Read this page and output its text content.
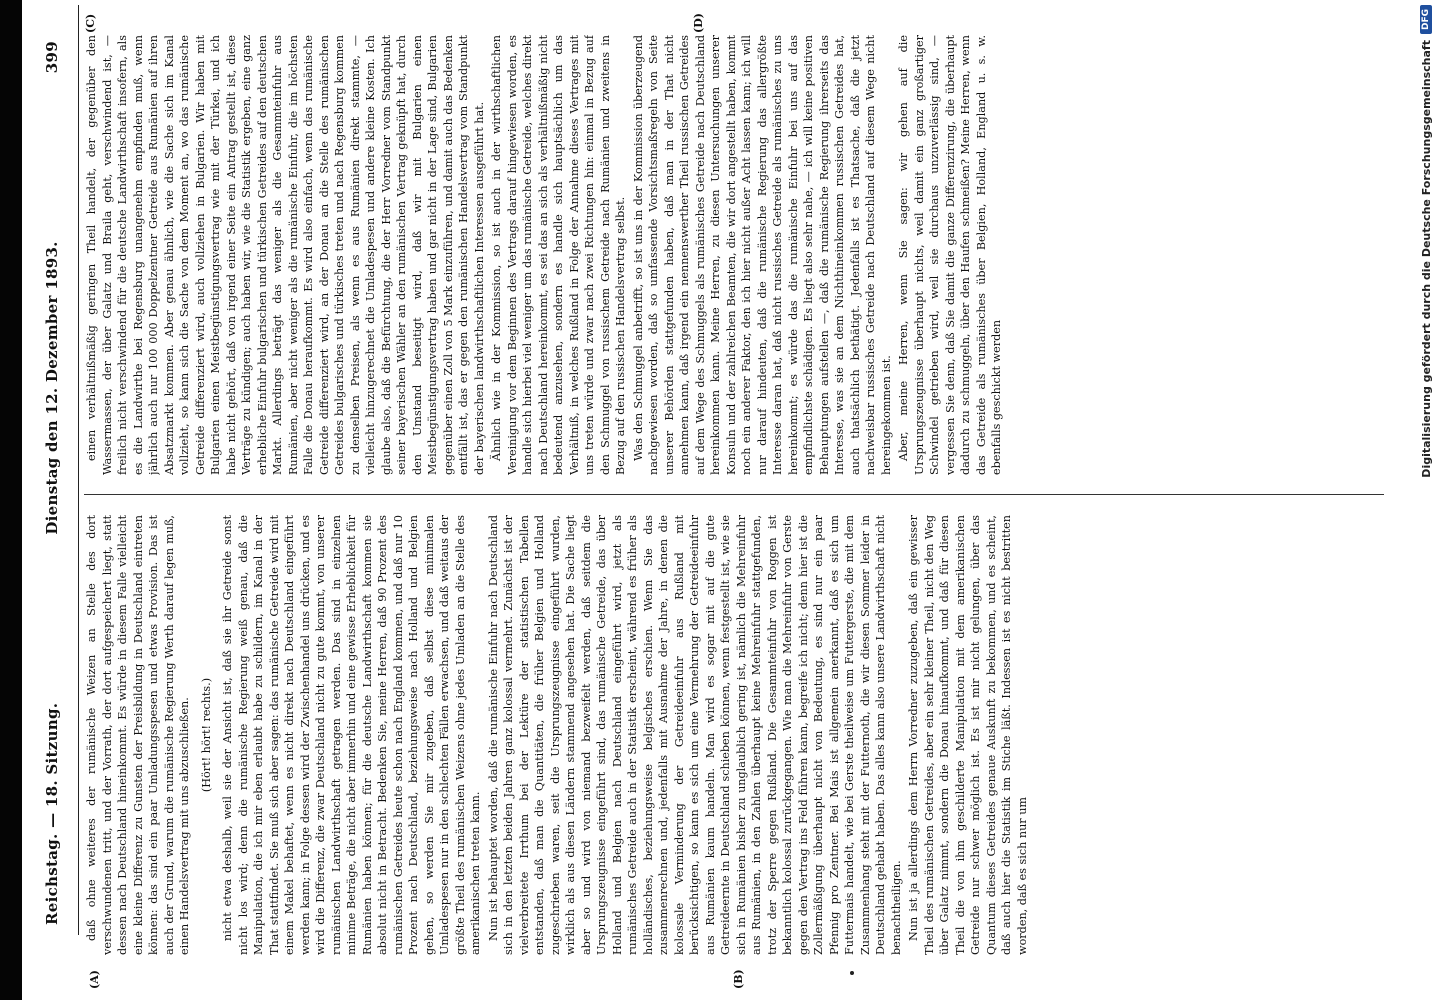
Reichstag. — 18. Sitzung.
Dienstag den 12. Dezember 1893.
399
(A)	(B)
(C)	(D)

daß ohne weiteres der rumänische Weizen an Stelle des dort verschwundenen tritt, und der Vorrath, der dort aufgespeichert liegt, statt dessen nach Deutschland hineinkommt. Es würde in diesem Falle vielleicht eine kleine Differenz zu Gunsten der Preisbildung in Deutschland eintreten können: das sind ein paar Umladungsspesen und etwas Provision. Das ist auch der Grund, warum die rumänische Regierung Werth darauf legen muß, einen Handelsvertrag mit uns abzuschließen. (Hört! hört! rechts.) nicht etwa deshalb, weil sie der Ansicht ist, daß sie ihr Getreide sonst nicht los wird; denn die rumänische Regierung weiß genau, daß die Manipulation, die ich mir eben erlaubt habe zu schildern, im Kanal in der That stattfindet. Sie muß sich aber sagen: das rumänische Getreide wird mit einem Makel behaftet, wenn es nicht direkt nach Deutschland eingeführt werden kann; in Folge dessen wird der Zwischenhandel uns drücken, und es wird die Differenz, die zwar Deutschland nicht zu gute kommt, von unserer rumänischen Landwirthschaft getragen werden. Das sind in einzelnen minime Beträge, die nicht aber immerhin und eine gewisse Erheblichkeit für Rumänien haben können; für die deutsche Landwirthschaft kommen sie absolut nicht in Betracht. Bedenken Sie, meine Herren, daß 90 Prozent des rumänischen Getreides heute schon nach England kommen, und daß nur 10 Prozent nach Deutschland, beziehungsweise nach Holland und Belgien gehen, so werden Sie mir zugeben, daß selbst diese minimalen Umladespesen nur in den schlechten Fällen erwachsen, und daß weitaus der größte Theil des rumänischen Weizens ohne jedes Umladen an die Stelle des amerikanischen treten kann. Nun ist behauptet worden, daß die rumänische Einfuhr nach Deutschland sich in den letzten beiden Jahren ganz kolossal vermehrt. Zunächst ist der vielverbreitete Irrthum bei der Lektüre der statistischen Tabellen entstanden, daß man die Quantitäten, die früher Belgien und Holland zugeschrieben waren, seit die Ursprungszeugnisse eingeführt wurden, wirklich als aus diesen Ländern stammend angesehen hat. Die Sache liegt aber so und wird von niemand bezweifelt werden, daß seitdem die Ursprungszeugnisse eingeführt sind, das rumänische Getreide, das über Holland und Belgien nach Deutschland eingeführt wird, jetzt als rumänisches Getreide auch in der Statistik erscheint, während es früher als holländisches, beziehungsweise belgisches erschien. Wenn Sie das zusammenrechnen und, jedenfalls mit Ausnahme der Jahre, in denen die kolossale Verminderung der Getreideeinfuhr aus Rußland mit berücksichtigen, so kann es sich um eine Vermehrung der Getreideeinfuhr aus Rumänien kaum handeln. Man wird es sogar mit auf die gute Getreideernte in Deutschland schieben können, wenn festgestellt ist, wie sie sich in Rumänien bisher zu unglaublich gering ist, nämlich die Mehreinfuhr aus Rumänien, in den Zahlen überhaupt keine Mehreinfuhr stattgefunden, trotz der Sperre gegen Rußland. Die Gesammteinfuhr von Roggen ist bekanntlich kolossal zurückgegangen. Wie man die Mehreinfuhr von Gerste gegen den Vertrag ins Feld führen kann, begreife ich nicht; denn hier ist die Zollermäßigung überhaupt nicht von Bedeutung, es sind nur ein paar Pfennig pro Zentner. Bei Mais ist allgemein anerkannt, daß es sich um Futtermais handelt, wie bei Gerste theilweise um Futtergerste, die mit dem Zusammenhang steht mit der Futternoth, die wir diesen Sommer leider in Deutschland gehabt haben. Das alles kann also unsere Landwirthschaft nicht benachtheiligen. Nun ist ja allerdings dem Herrn Vorredner zuzugeben, daß ein gewisser Theil des rumänischen Getreides, aber ein sehr kleiner Theil, nicht den Weg über Galatz nimmt, sondern die Donau hinaufkommt, und daß für diesen Theil die von ihm geschilderte Manipulation mit dem amerikanischen Getreide nur schwer möglich ist. Es ist mir nicht gelungen, über das Quantum dieses Getreides genaue Auskunft zu bekommen, und es scheint, daß auch hier die Statistik im Stiche läßt. Indessen ist es nicht bestritten worden, daß es sich nur um

einen verhältnißmäßig geringen Theil handelt, der gegenüber den Wassermassen, der über Galatz und Braila geht, verschwindend ist, — freilich nicht verschwindend für die deutsche Landwirthschaft insofern, als es die Landwirthe bei Regensburg unangenehm empfinden muß, wenn jährlich auch nur 100 000 Doppelzentner Getreide aus Rumänien auf ihren Absatzmarkt kommen. Aber genau ähnlich, wie die Sache sich im Kanal vollzieht, so kann sich die Sache von dem Moment an, wo das rumänische Getreide differenziert wird, auch vollziehen in Bulgarien. Wir haben mit Bulgarien einen Meistbegünstigungsvertrag wie mit der Türkei, und ich habe nicht gehört, daß von irgend einer Seite ein Antrag gestellt ist, diese Verträge zu kündigen; auch haben wir, wie die Statistik ergeben, eine ganz erhebliche Einfuhr bulgarischen und türkischen Getreides auf den deutschen Markt. Allerdings beträgt das weniger als die Gesammteinfuhr aus Rumänien, aber nicht weniger als die rumänische Einfuhr, die im höchsten Falle die Donau heraufkommt. Es wird also einfach, wenn das rumänische Getreide differenziert wird, an der Donau an die Stelle des rumänischen Getreides bulgarisches und türkisches treten und nach Regensburg kommen zu denselben Preisen, als wenn es aus Rumänien direkt stammte, — vielleicht hinzugerechnet die Umladespesen und andere kleine Kosten. Ich glaube also, daß die Befürchtung, die der Herr Vorredner vom Standpunkt seiner bayerischen Wähler an den rumänischen Vertrag geknüpft hat, durch den Umstand beseitigt wird, daß wir mit Bulgarien einen Meistbegünstigungsvertrag haben und gar nicht in der Lage sind, Bulgarien gegenüber einen Zoll von 5 Mark einzuführen, und damit auch das Bedenken entfällt ist, das er gegen den rumänischen Handelsvertrag vom Standpunkt der bayerischen landwirthschaftlichen Interessen ausgeführt hat. Ähnlich wie in der Kommission, so ist auch in der wirthschaftlichen Vereinigung vor dem Beginnen des Vertrags darauf hingewiesen worden, es handle sich hierbei viel weniger um das rumänische Getreide, welches direkt nach Deutschland hereinkommt, es sei das an sich als verhältnißmäßig nicht bedeutend anzusehen, sondern es handle sich hauptsächlich um das Verhältniß, in welches Rußland in Folge der Annahme dieses Vertrages mit uns treten würde und zwar nach zwei Richtungen hin: einmal in Bezug auf den Schmuggel von russischem Getreide nach Rumänien und zweitens in Bezug auf den russischen Handelsvertrag selbst. Was den Schmuggel anbetrifft, so ist uns in der Kommission überzeugend nachgewiesen worden, daß so umfassende Vorsichtsmaßregeln von Seite unserer Behörden stattgefunden haben, daß man in der That nicht annehmen kann, daß irgend ein nennenswerther Theil russischen Getreides auf dem Wege des Schmuggels als rumänisches Getreide nach Deutschland hereinkommen kann. Meine Herren, zu diesen Untersuchungen unserer Konsuln und der zahlreichen Beamten, die wir dort angestellt haben, kommt noch ein anderer Faktor, den ich hier nicht außer Acht lassen kann; ich will nur darauf hindeuten, daß die rumänische Regierung das allergrößte Interesse daran hat, daß nicht russisches Getreide als rumänisches zu uns hereinkommt; es würde das die rumänische Einfuhr bei uns auf das empfindlichste schädigen. Es liegt also sehr nahe, — ich will keine positiven Behauptungen aufstellen —, daß die rumänische Regierung ihrerseits das Interesse, was sie an dem Nichthineinkommen russischen Getreides hat, auch thatsächlich bethätigt. Jedenfalls ist es Thatsache, daß die jetzt nachweisbar russisches Getreide nach Deutschland auf diesem Wege nicht hereingekommen ist. Aber, meine Herren, wenn Sie sagen: wir gehen auf die Ursprungszeugnisse überhaupt nichts, weil damit ein ganz großartiger Schwindel getrieben wird, weil sie durchaus unzuverlässig sind, — vergessen Sie denn, daß Sie damit die ganze Differenzirung, die überhaupt dadurch zu schmuggeln, über den Haufen schmeißen? Meine Herren, wenn das Getreide als rumänisches über Belgien, Holland, England u. s. w. ebenfalls geschickt werden	Digitalisierung gefördert durch die Deutsche Forschungsgemeinschaft
DFG
